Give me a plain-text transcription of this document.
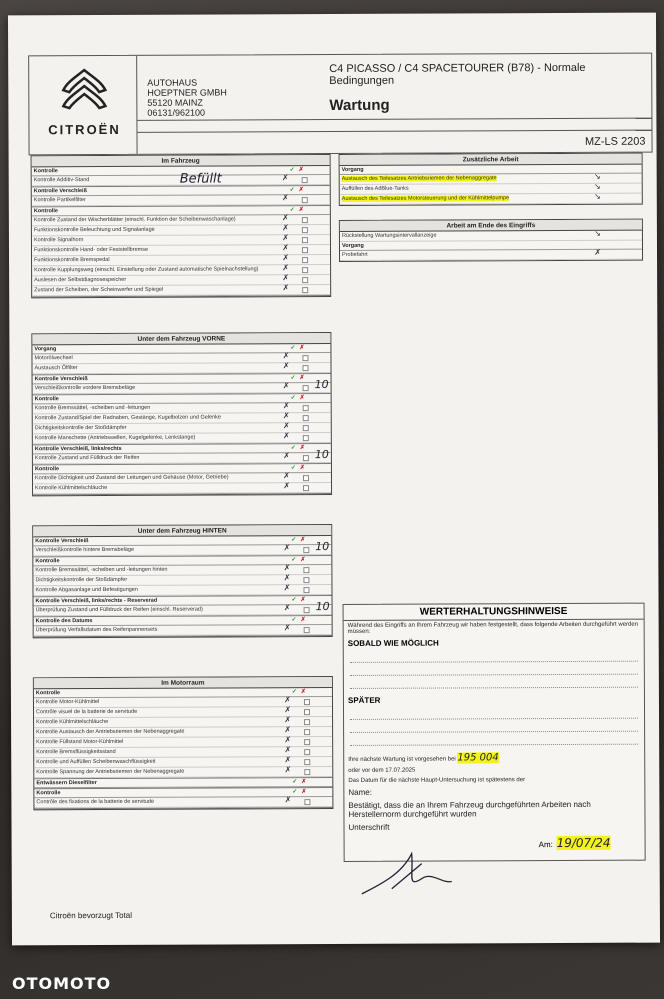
CITROËN
AUTOHAUS
HOEPTNER GMBH
55120 MAINZ
06131/962100
C4 PICASSO / C4 SPACETOURER (B78) - Normale Bedingungen
Wartung
MZ-LS 2203
Im Fahrzeug
Kontrolle	✓ ✗
Kontrolle Additiv-Stand	✗
Kontrolle Verschleiß	✓ ✗
Kontrolle Partikelfilter	✗
Kontrolle	✓ ✗
Kontrolle Zustand der Wischerblätter (einschl. Funktion der Scheibenwaschanlage)	✗
Funktionskontrolle Beleuchtung und Signalanlage	✗
Kontrolle Signalhorn	✗
Funktionskontrolle Hand- oder Feststellbremse	✗
Funktionskontrolle Bremspedal	✗
Kontrolle Kupplungsweg (einschl. Einstellung oder Zustand automatische Spielnachstellung)	✗
Auslesen der Selbstdiagnosespeicher	✗
Zustand der Scheiben, der Scheinwerfer und Spiegel	✗
Befüllt
Unter dem Fahrzeug VORNE
Vorgang	✓ ✗
Motorölwechsel	✗
Austausch Ölfilter	✗
Kontrolle Verschleiß	✓ ✗
Verschleißkontrolle vordere Bremsbeläge	✗ 10
Kontrolle	✓ ✗
Kontrolle Bremssättel, -scheiben und -leitungen	✗
Kontrolle Zustand/Spiel der Radnaben, Gestänge, Kugelbolzen und Gelenke	✗
Dichtigkeitskontrolle der Stoßdämpfer	✗
Kontrolle Manschette (Antriebswellen, Kugelgelenke, Lenkstange)	✗
Kontrolle Verschleiß, links/rechts	✓ ✗
Kontrolle Zustand und Fülldruck der Reifen	✗ 10
Kontrolle	✓ ✗
Kontrolle Dichtigkeit und Zustand der Leitungen und Gehäuse (Motor, Getriebe)	✗
Kontrolle Kühlmittelschläuche	✗
Unter dem Fahrzeug HINTEN
Kontrolle Verschleiß	✓ ✗
Verschleißkontrolle hintere Bremsbeläge	✗ 10
Kontrolle	✓ ✗
Kontrolle Bremssättel, -scheiben und -leitungen hinten	✗
Dichtigkeitskontrolle der Stoßdämpfer	✗
Kontrolle Abgasanlage und Befestigungen	✗
Kontrolle Verschleiß, links/rechts - Reserverad	✓ ✗
Überprüfung Zustand und Fülldruck der Reifen (einschl. Reserverad)	✗ 10
Kontrolle des Datums	✓ ✗
Überprüfung Verfallsdatum des Reifenpannensets	✗
Im Motorraum
Kontrolle	✓ ✗
Kontrolle Motor-Kühlmittel	✗
Contrôle visuel de la batterie de servitude	✗
Kontrolle Kühlmittelschläuche	✗
Kontrolle Austausch der Antriebsriemen der Nebenaggregate	✗
Kontrolle Füllstand Motor-Kühlmittel	✗
Kontrolle Bremsflüssigkeitsstand	✗
Kontrolle und Auffüllen Scheibenwaschflüssigkeit	✗
Kontrolle Spannung der Antriebsriemen der Nebenaggregate	✗
Entwässern Dieselfilter	✓ ✗
Kontrolle	✓ ✗
Contrôle des fixations de la batterie de servitude	✗
Zusätzliche Arbeit
Vorgang
Austausch des Teilesatzes Antriebsriemen der Nebenaggregate	↘
Auffüllen des AdBlue-Tanks	↘
Austausch des Teilesatzes Motorsteuerung und der Kühlmittelpumpe	↘
Arbeit am Ende des Eingriffs
Rückstellung Wartungsintervallanzeige	↘
Vorgang
Probefahrt	✗
WERTERHALTUNGSHINWEISE
Während des Eingriffs an Ihrem Fahrzeug wir haben festgestellt, dass folgende Arbeiten durchgeführt werden müssen:
SOBALD WIE MÖGLICH
SPÄTER
Ihre nächste Wartung ist vorgesehen bei 195 004
oder vor dem 17.07.2025
Das Datum für die nächste Haupt-Untersuchung ist spätestens der
Name:
Bestätigt, dass die an Ihrem Fahrzeug durchgeführten Arbeiten nach Herstellernorm durchgeführt wurden
Unterschrift
Am: 19/07/24
Citroën bevorzugt Total
OTOMOTO
